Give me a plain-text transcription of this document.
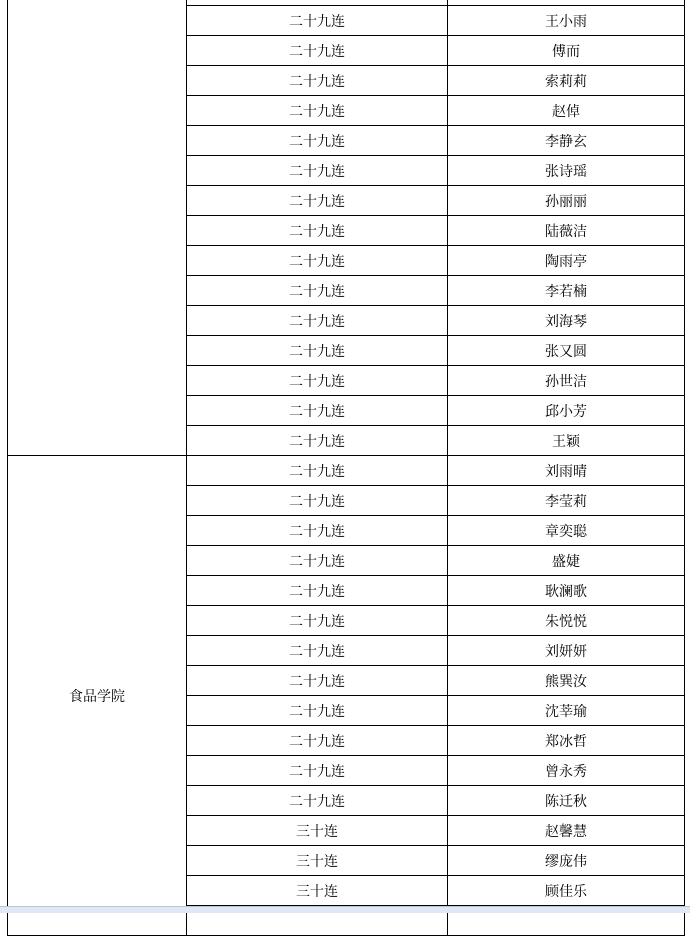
	二十九连	王小雨
	二十九连	傅而
	二十九连	索莉莉
	二十九连	赵倬
	二十九连	李静玄
	二十九连	张诗瑶
	二十九连	孙丽丽
	二十九连	陆薇洁
	二十九连	陶雨亭
	二十九连	李若楠
	二十九连	刘海琴
	二十九连	张又圆
	二十九连	孙世洁
	二十九连	邱小芳
	二十九连	王颖
食品学院	二十九连	刘雨晴
	二十九连	李莹莉
	二十九连	章奕聪
	二十九连	盛婕
	二十九连	耿澜歌
	二十九连	朱悦悦
	二十九连	刘妍妍
	二十九连	熊巽汝
	二十九连	沈莘瑜
	二十九连	郑冰哲
	二十九连	曾永秀
	二十九连	陈迁秋
	三十连	赵馨慧
	三十连	缪庞伟
	三十连	顾佳乐
